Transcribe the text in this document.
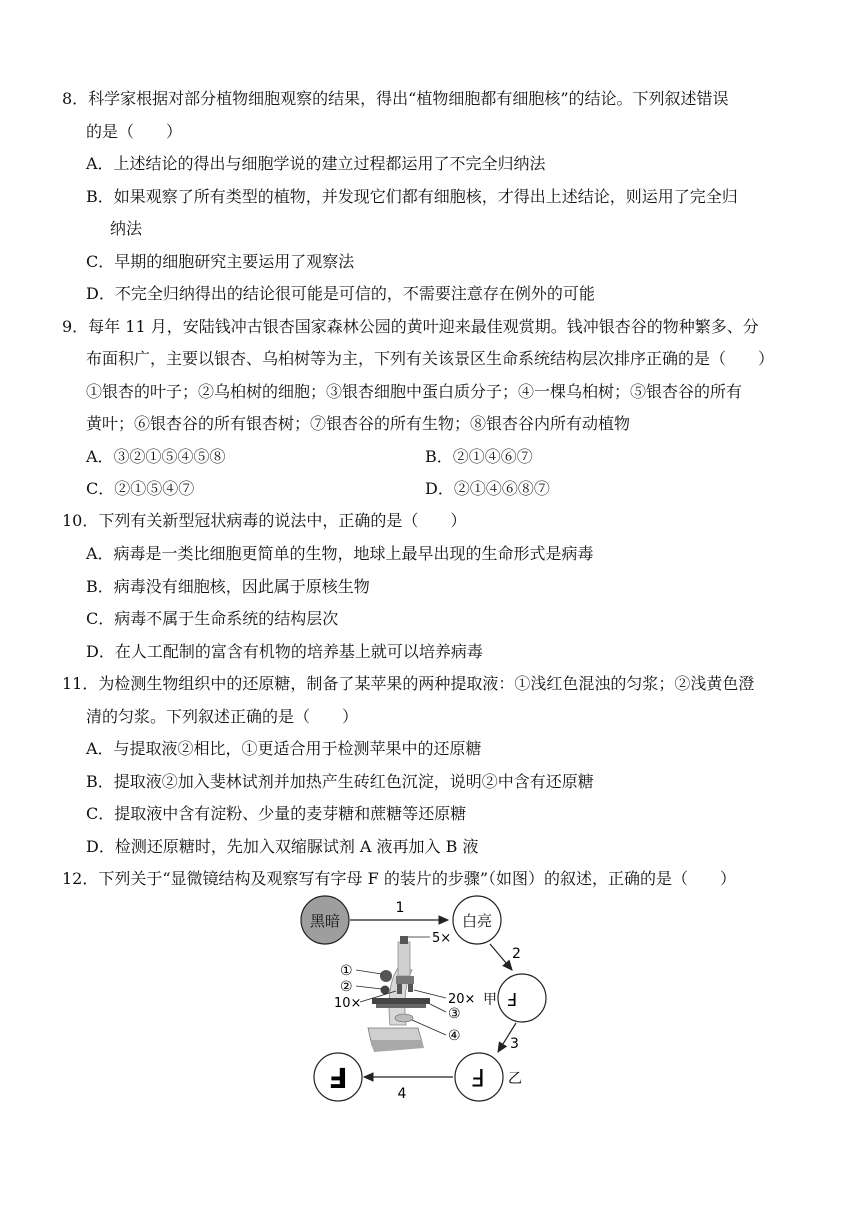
8．科学家根据对部分植物细胞观察的结果，得出“植物细胞都有细胞核”的结论。下列叙述错误
的是（　　）
A．上述结论的得出与细胞学说的建立过程都运用了不完全归纳法
B．如果观察了所有类型的植物，并发现它们都有细胞核，才得出上述结论，则运用了完全归
纳法
C．早期的细胞研究主要运用了观察法
D．不完全归纳得出的结论很可能是可信的，不需要注意存在例外的可能
9．每年 11 月，安陆钱冲古银杏国家森林公园的黄叶迎来最佳观赏期。钱冲银杏谷的物种繁多、分
布面积广，主要以银杏、乌桕树等为主，下列有关该景区生命系统结构层次排序正确的是（　　）
①银杏的叶子；②乌桕树的细胞；③银杏细胞中蛋白质分子；④一棵乌桕树；⑤银杏谷的所有
黄叶；⑥银杏谷的所有银杏树；⑦银杏谷的所有生物；⑧银杏谷内所有动植物
A．③②①⑤④⑤⑧	B．②①④⑥⑦
C．②①⑤④⑦	D．②①④⑥⑧⑦
10．下列有关新型冠状病毒的说法中，正确的是（　　）
A．病毒是一类比细胞更简单的生物，地球上最早出现的生命形式是病毒
B．病毒没有细胞核，因此属于原核生物
C．病毒不属于生命系统的结构层次
D．在人工配制的富含有机物的培养基上就可以培养病毒
11．为检测生物组织中的还原糖，制备了某苹果的两种提取液：①浅红色混浊的匀浆；②浅黄色澄
清的匀浆。下列叙述正确的是（　　）
A．与提取液②相比，①更适合用于检测苹果中的还原糖
B．提取液②加入斐林试剂并加热产生砖红色沉淀，说明②中含有还原糖
C．提取液中含有淀粉、少量的麦芽糖和蔗糖等还原糖
D．检测还原糖时，先加入双缩脲试剂 A 液再加入 B 液
12．下列关于“显微镜结构及观察写有字母 F 的装片的步骤”（如图）的叙述，正确的是（　　）
黑暗
1
白亮
2
F
甲
3
F 乙
4
F
5×
①
②
10×	20×
③
④
